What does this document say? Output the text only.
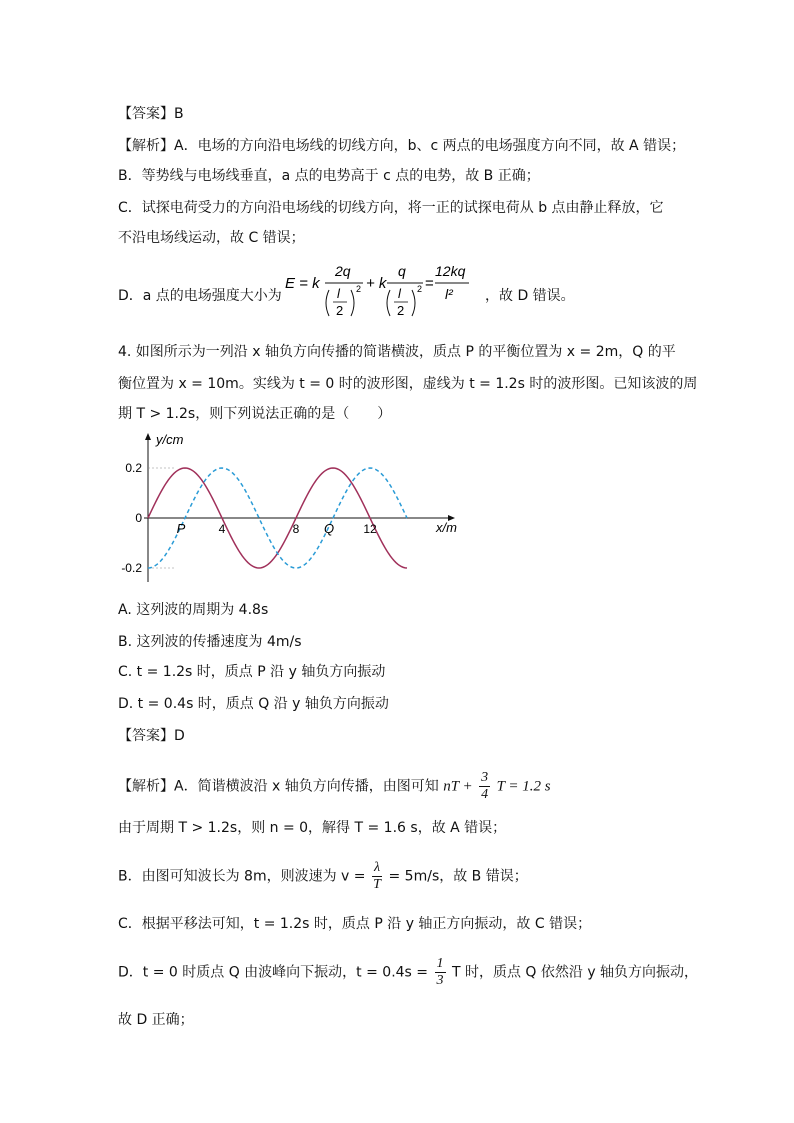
【答案】B
【解析】A．电场的方向沿电场线的切线方向，b、c 两点的电场强度方向不同，故 A 错误；
B．等势线与电场线垂直，a 点的电势高于 c 点的电势，故 B 正确；
C．试探电荷受力的方向沿电场线的切线方向，将一正的试探电荷从 b 点由静止释放，它
不沿电场线运动，故 C 错误；
D．a 点的电场强度大小为
E = k
2q
l
2
2 + k
q
l
2
2 =
12kq
l² ，故 D 错误。
4. 如图所示为一列沿 x 轴负方向传播的简谐横波，质点 P 的平衡位置为 x = 2m，Q 的平
衡位置为 x = 10m。实线为 t = 0 时的波形图，虚线为 t = 1.2s 时的波形图。已知该波的周
期 T > 1.2s，则下列说法正确的是（　　）
y/cm
x/m
0.2
0
-0.2
4	8	12
P	Q
A. 这列波的周期为 4.8s
B. 这列波的传播速度为 4m/s
C. t = 1.2s 时，质点 P 沿 y 轴负方向振动
D. t = 0.4s 时，质点 Q 沿 y 轴负方向振动
【答案】D
【解析】A．简谐横波沿 x 轴负方向传播，由图可知 nT + $\frac{3}{4}$ T = 1.2 s
由于周期 T > 1.2s，则 n = 0，解得 T = 1.6 s，故 A 错误；
B．由图可知波长为 8m，则波速为 $v = \frac{\lambda}{T} = 5m/s$，故 B 错误；
C．根据平移法可知，t = 1.2s 时，质点 P 沿 y 轴正方向振动，故 C 错误；
D．t = 0 时质点 Q 由波峰向下振动，$t = 0.4s = \frac{1}{3}$ T 时，质点 Q 依然沿 y 轴负方向振动，
故 D 正确；
